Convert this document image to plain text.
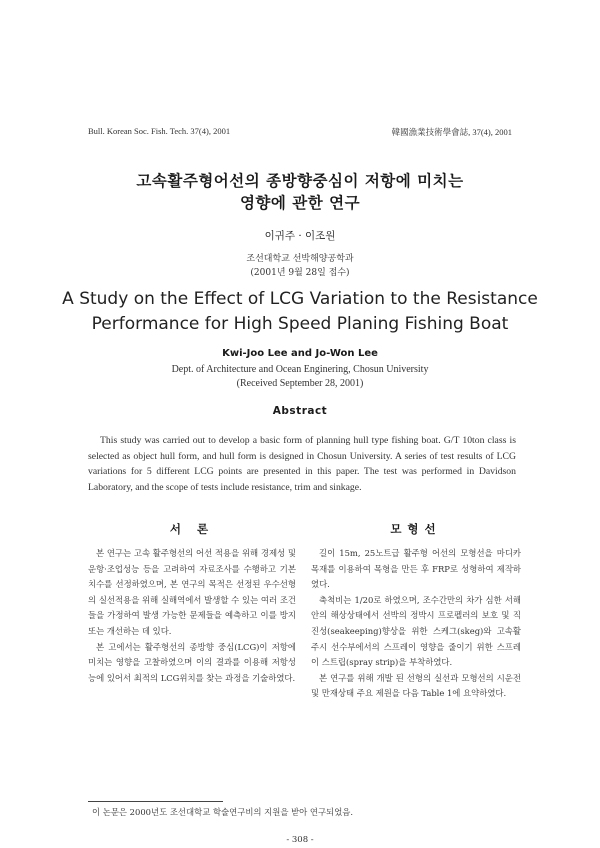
Bull. Korean Soc. Fish. Tech. 37(4), 2001	韓國漁業技術學會誌, 37(4), 2001
고속활주형어선의 종방향중심이 저항에 미치는
영향에 관한 연구
이귀주 · 이조원
조선대학교 선박해양공학과
(2001년 9월 28일 접수)
A Study on the Effect of LCG Variation to the Resistance
Performance for High Speed Planing Fishing Boat
Kwi-Joo Lee and Jo-Won Lee
Dept. of Architecture and Ocean Enginering, Chosun University
(Received September 28, 2001)
Abstract
This study was carried out to develop a basic form of planning hull type fishing boat. G/T 10ton class is selected as object hull form, and hull form is designed in Chosun University. A series of test results of LCG variations for 5 different LCG points are presented in this paper. The test was performed in Davidson Laboratory, and the scope of tests include resistance, trim and sinkage.
서 론	모형선

본 연구는 고속 활주형선의 어선 적용을 위해 경제성 및 운항·조업성능 등을 고려하여 자료조사를 수행하고 기본 치수를 선정하였으며, 본 연구의 목적은 선정된 우수선형의 실선적용을 위해 실해역에서 발생할 수 있는 여러 조건들을 가정하여 발생 가능한 문제들을 예측하고 이를 방지 또는 개선하는 데 있다.

본 고에서는 활주형선의 종방향 중심(LCG)이 저항에 미치는 영향을 고찰하였으며 이의 결과를 이용해 저항성능에 있어서 최적의 LCG위치를 찾는 과정을 기술하였다.

길이 15m, 25노트급 활주형 어선의 모형선을 마디카 목재를 이용하여 목형을 만든 후 FRP로 성형하여 제작하였다.

축척비는 1/20로 하였으며, 조수간만의 차가 심한 서해안의 해상상태에서 선박의 정박시 프로펠러의 보호 및 직진성(seakeeping)향상을 위한 스케그(skeg)와 고속활주시 선수부에서의 스프레이 영향을 줄이기 위한 스프레이 스트립(spray strip)을 부착하였다.

본 연구를 위해 개발 된 선형의 실선과 모형선의 시운전 및 만재상태 주요 제원을 다음 Table 1에 요약하였다.

이 논문은 2000년도 조선대학교 학술연구비의 지원을 받아 연구되었음.
- 308 -
